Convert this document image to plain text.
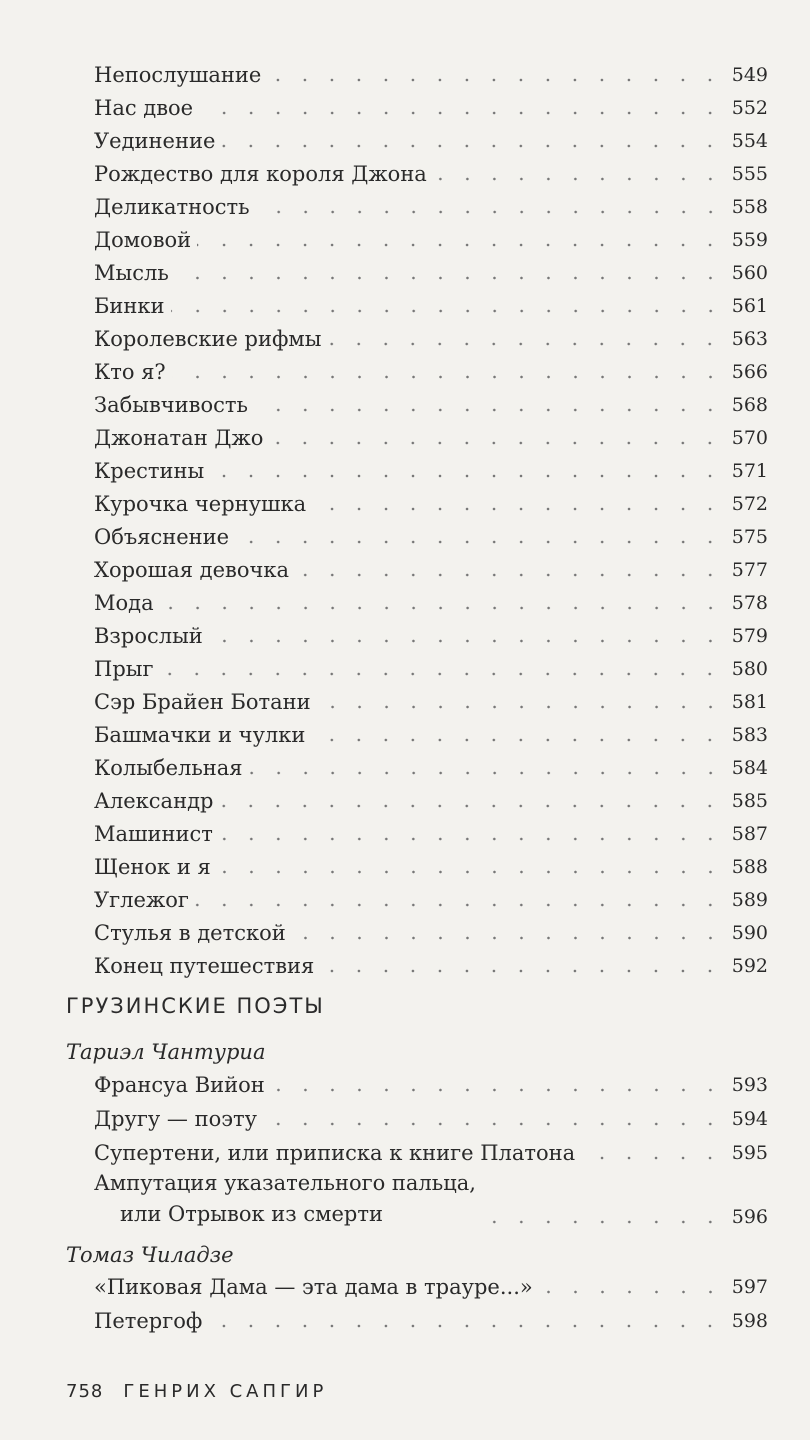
Непослушание	549
Нас двое	552
Уединение	554
Рождество для короля Джона	555
Деликатность	558
Домовой	559
Мысль	560
Бинки	561
Королевские рифмы	563
Кто я?	566
Забывчивость	568
Джонатан Джо	570
Крестины	571
Курочка чернушка	572
Объяснение	575
Хорошая девочка	577
Мода	578
Взрослый	579
Прыг	580
Сэр Брайен Ботани	581
Башмачки и чулки	583
Колыбельная	584
Александр	585
Машинист	587
Щенок и я	588
Углежог	589
Стулья в детской	590
Конец путешествия	592
ГРУЗИНСКИЕ ПОЭТЫ
Тариэл Чантуриа
Франсуа Вийон	593
Другу — поэту	594
Супертени, или приписка к книге Платона	595
Ампутация указательного пальца,
или Отрывок из смерти	596
Томаз Чиладзе
«Пиковая Дама — эта дама в трауре...»	597
Петергоф	598
758 ГЕНРИХ САПГИР
